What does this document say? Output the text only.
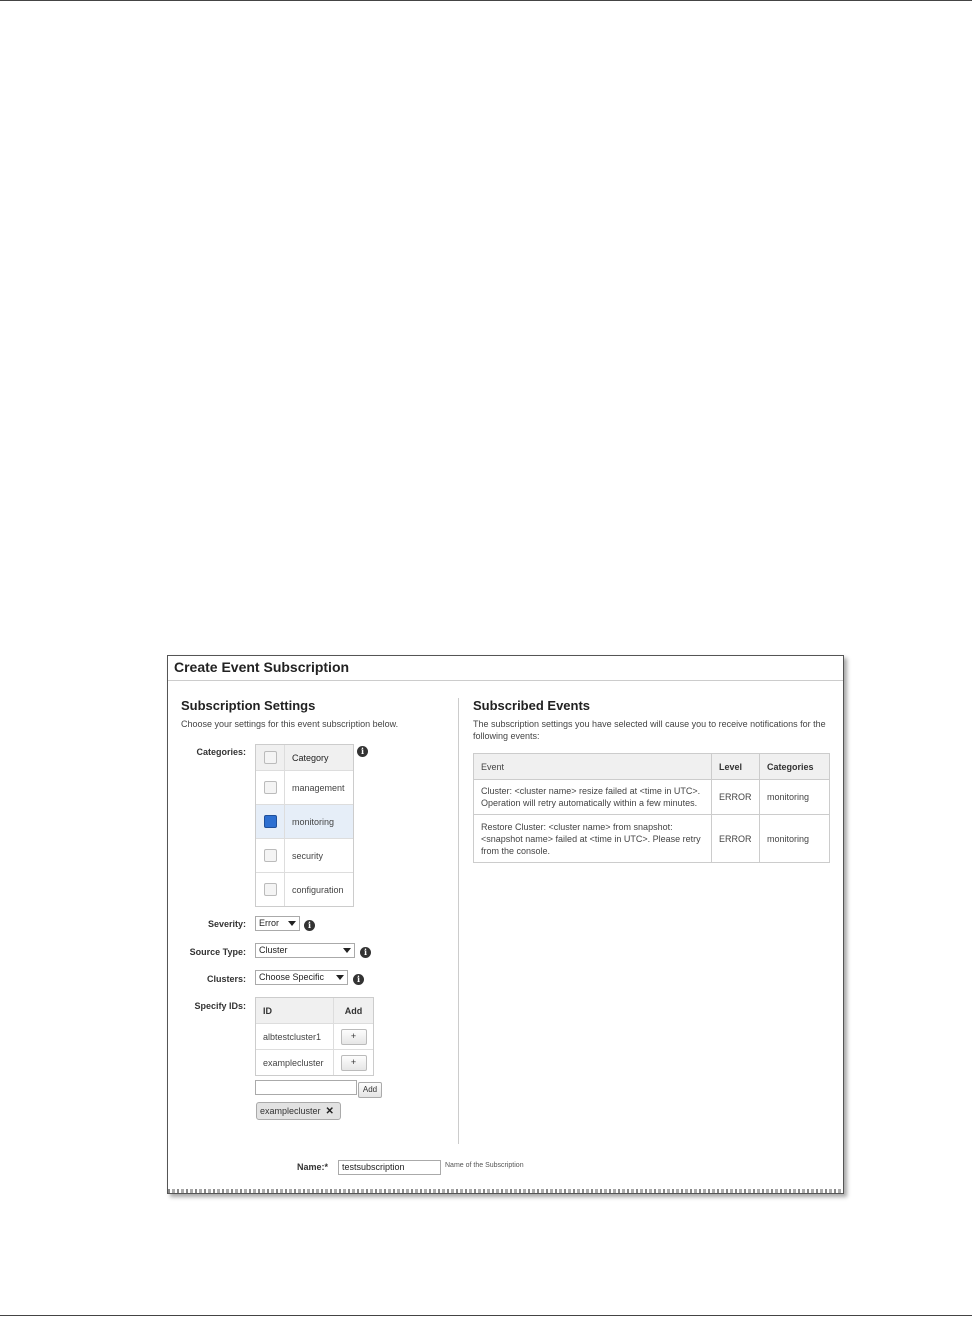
Create Event Subscription
Subscription Settings
Choose your settings for this event subscription below.
Categories:
Category
management
monitoring
security
configuration
i
Severity:	Error	i
Source Type:	Cluster	i
Clusters:	Choose Specific	i
Specify IDs:	ID	Add
albtestcluster1	+
examplecluster	+
Add
examplecluster ✕
Subscribed Events
The subscription settings you have selected will cause you to receive notifications for the following events:
Event	Level	Categories

Cluster: <cluster name> resize failed at <time in UTC>.
Operation will retry automatically within a few minutes.	ERROR	monitoring

Restore Cluster: <cluster name> from snapshot:
<snapshot name> failed at <time in UTC>. Please retry
from the console.	ERROR	monitoring
Name:*	testsubscription	Name of the Subscription
